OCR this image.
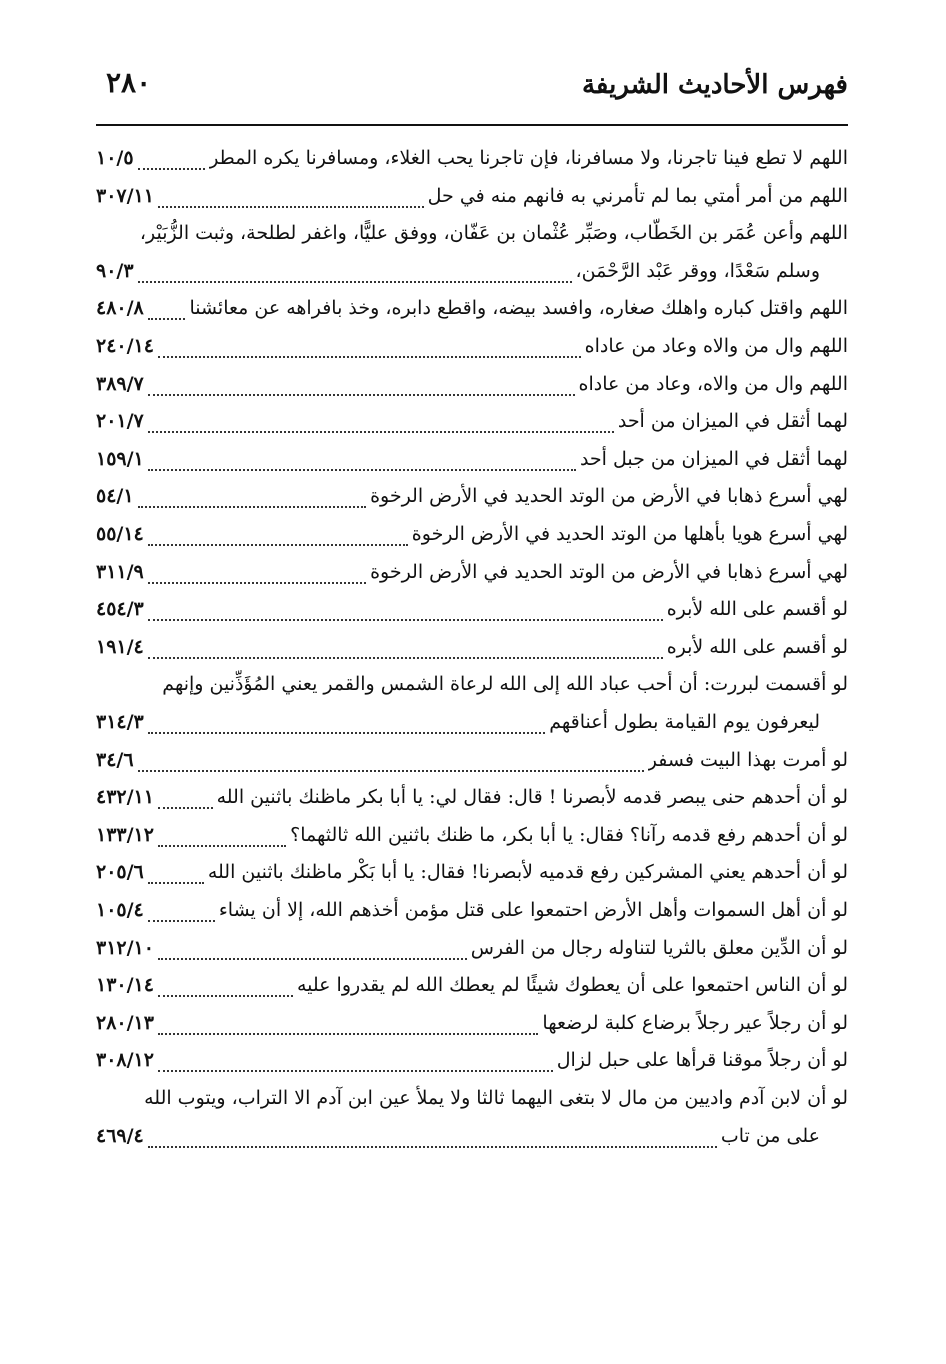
فهرس الأحاديث الشريفة
٢٨٠
اللهم لا تطع فينا تاجرنا، ولا مسافرنا، فإن تاجرنا يحب الغلاء، ومسافرنا يكره المطر
١٠/٥
اللهم من أمر أمتي بما لم تأمرني به فانهم منه في حل
٣٠٧/١١
اللهم وأعن عُمَر بن الخَطّاب، وصَبِّر عُثْمان بن عَفّان، ووفق عليًّا، واغفر لطلحة، وثبت الزُّبَيْر،
وسلم سَعْدًا، ووقر عَبْد الرَّحْمَن،
٩٠/٣
اللهم واقتل كباره واهلك صغاره، وافسد بيضه، واقطع دابره، وخذ بافراهه عن معائشنا
٤٨٠/٨
اللهم وال من والاه وعاد من عاداه
٢٤٠/١٤
اللهم وال من والاه، وعاد من عاداه
٣٨٩/٧
لهما أثقل في الميزان من أحد
٢٠١/٧
لهما أثقل في الميزان من جبل أحد
١٥٩/١
لهي أسرع ذهابا في الأرض من الوتد الحديد في الأرض الرخوة
٥٤/١
لهي أسرع هويا بأهلها من الوتد الحديد في الأرض الرخوة
٥٥/١٤
لهي أسرع ذهابا في الأرض من الوتد الحديد في الأرض الرخوة
٣١١/٩
لو أقسم على الله لأبره
٤٥٤/٣
لو أقسم على الله لأبره
١٩١/٤
لو أقسمت لبررت: أن أحب عباد الله إلى الله لرعاة الشمس والقمر يعني المُؤَذِّنين وإنهم
ليعرفون يوم القيامة بطول أعناقهم
٣١٤/٣
لو أمرت بهذا البيت فسفر
٣٤/٦
لو أن أحدهم حنى يبصر قدمه لأبصرنا ! قال: فقال لي: يا أبا بكر ماظنك باثنين الله
٤٣٢/١١
لو أن أحدهم رفع قدمه رآنا؟ فقال: يا أبا بكر، ما ظنك باثنين الله ثالثهما؟
١٣٣/١٢
لو أن أحدهم يعني المشركين رفع قدميه لأبصرنا! فقال: يا أبا بَكْر ماظنك باثنين الله
٢٠٥/٦
لو أن أهل السموات وأهل الأرض احتمعوا على قتل مؤمن أخذهم الله، إلا أن يشاء
١٠٥/٤
لو أن الدِّين معلق بالثريا لتناوله رجال من الفرس
٣١٢/١٠
لو أن الناس احتمعوا على أن يعطوك شيئًا لم يعطك الله لم يقدروا عليه
١٣٠/١٤
لو أن رجلاً عير رجلاً برضاع كلبة لرضعها
٢٨٠/١٣
لو أن رجلاً موقنا قرأها على حبل لزال
٣٠٨/١٢
لو أن لابن آدم واديين من مال لا بتغى اليهما ثالثا ولا يملأ عين ابن آدم الا التراب، ويتوب الله
على من تاب
٤٦٩/٤
